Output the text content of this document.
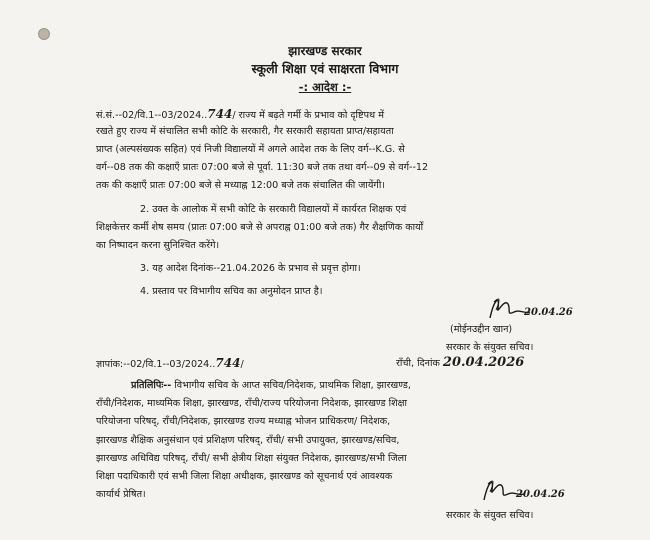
झारखण्ड सरकार
स्कूली शिक्षा एवं साक्षरता विभाग
-: आदेश :-
सं.सं.--02/वि.1--03/2024..744/ राज्य में बढ़ते गर्मी के प्रभाव को दृष्टिपथ में
रखते हुए राज्य में संचालित सभी कोटि के सरकारी, गैर सरकारी सहायता प्राप्त/सहायता
प्राप्त (अल्पसंख्यक सहित) एवं निजी विद्यालयों में अगले आदेश तक के लिए वर्ग--K.G. से
वर्ग--08 तक की कक्षाएँ प्रातः 07:00 बजे से पूर्वा. 11:30 बजे तक तथा वर्ग--09 से वर्ग--12
तक की कक्षाएँ प्रातः 07:00 बजे से मध्याह्न 12:00 बजे तक संचालित की जायेंगी।
2. उक्त के आलोक में सभी कोटि के सरकारी विद्यालयों में कार्यरत शिक्षक एवं
शिक्षकेत्तर कर्मी शेष समय (प्रातः 07:00 बजे से अपराह्न 01:00 बजे तक) गैर शैक्षणिक कार्यों
का निष्पादन करना सुनिश्चित करेंगे।
3. यह आदेश दिनांक--21.04.2026 के प्रभाव से प्रवृत्त होगा।
4. प्रस्ताव पर विभागीय सचिव का अनुमोदन प्राप्त है।
20.04.26
(मोईनउद्दीन खान)
सरकार के संयुक्त सचिव।
ज्ञापांक:--02/वि.1--03/2024..744/	राँची, दिनांक 20.04.2026
प्रतिलिपिः-- विभागीय सचिव के आप्त सचिव/निदेशक, प्राथमिक शिक्षा, झारखण्ड,
राँची/निदेशक, माध्यमिक शिक्षा, झारखण्ड, राँची/राज्य परियोजना निदेशक, झारखण्ड शिक्षा
परियोजना परिषद्, राँची/निदेशक, झारखण्ड राज्य मध्याह्न भोजन प्राधिकरण/ निदेशक,
झारखण्ड शैक्षिक अनुसंधान एवं प्रशिक्षण परिषद्, राँची/ सभी उपायुक्त, झारखण्ड/सचिव,
झारखण्ड अधिविद्य परिषद्, राँची/ सभी क्षेत्रीय शिक्षा संयुक्त निदेशक, झारखण्ड/सभी जिला
शिक्षा पदाधिकारी एवं सभी जिला शिक्षा अधीक्षक, झारखण्ड को सूचनार्थ एवं आवश्यक
कार्यार्थ प्रेषित।	20.04.26
सरकार के संयुक्त सचिव।
